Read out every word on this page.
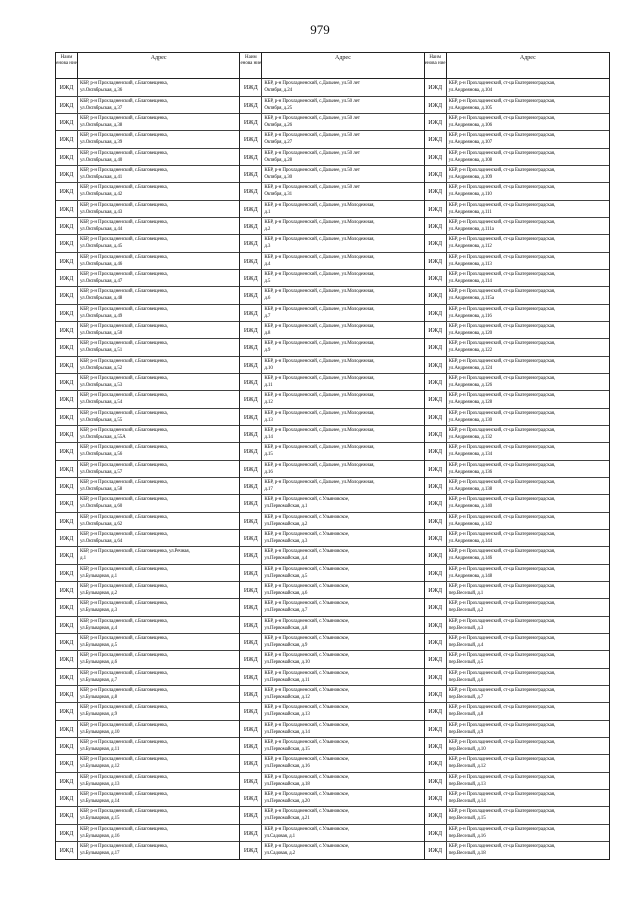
979
Наим енова ние
Адрес
ИЖД
КБР, р-н Прохладненский, с.Благовещенка,
ул.Октябрьская, д.36
ИЖД
КБР, р-н Прохладненский, с.Благовещенка,
ул.Октябрьская, д.37
ИЖД
КБР, р-н Прохладненский, с.Благовещенка,
ул.Октябрьская, д.38
ИЖД
КБР, р-н Прохладненский, с.Благовещенка,
ул.Октябрьская, д.39
ИЖД
КБР, р-н Прохладненский, с.Благовещенка,
ул.Октябрьская, д.40
ИЖД
КБР, р-н Прохладненский, с.Благовещенка,
ул.Октябрьская, д.41
ИЖД
КБР, р-н Прохладненский, с.Благовещенка,
ул.Октябрьская, д.42
ИЖД
КБР, р-н Прохладненский, с.Благовещенка,
ул.Октябрьская, д.43
ИЖД
КБР, р-н Прохладненский, с.Благовещенка,
ул.Октябрьская, д.44
ИЖД
КБР, р-н Прохладненский, с.Благовещенка,
ул.Октябрьская, д.45
ИЖД
КБР, р-н Прохладненский, с.Благовещенка,
ул.Октябрьская, д.46
ИЖД
КБР, р-н Прохладненский, с.Благовещенка,
ул.Октябрьская, д.47
ИЖД
КБР, р-н Прохладненский, с.Благовещенка,
ул.Октябрьская, д.48
ИЖД
КБР, р-н Прохладненский, с.Благовещенка,
ул.Октябрьская, д.49
ИЖД
КБР, р-н Прохладненский, с.Благовещенка,
ул.Октябрьская, д.50
ИЖД
КБР, р-н Прохладненский, с.Благовещенка,
ул.Октябрьская, д.51
ИЖД
КБР, р-н Прохладненский, с.Благовещенка,
ул.Октябрьская, д.52
ИЖД
КБР, р-н Прохладненский, с.Благовещенка,
ул.Октябрьская, д.53
ИЖД
КБР, р-н Прохладненский, с.Благовещенка,
ул.Октябрьская, д.54
ИЖД
КБР, р-н Прохладненский, с.Благовещенка,
ул.Октябрьская, д.55
ИЖД
КБР, р-н Прохладненский, с.Благовещенка,
ул.Октябрьская, д.55А
ИЖД
КБР, р-н Прохладненский, с.Благовещенка,
ул.Октябрьская, д.56
ИЖД
КБР, р-н Прохладненский, с.Благовещенка,
ул.Октябрьская, д.57
ИЖД
КБР, р-н Прохладненский, с.Благовещенка,
ул.Октябрьская, д.58
ИЖД
КБР, р-н Прохладненский, с.Благовещенка,
ул.Октябрьская, д.60
ИЖД
КБР, р-н Прохладненский, с.Благовещенка,
ул.Октябрьская, д.62
ИЖД
КБР, р-н Прохладненский, с.Благовещенка,
ул.Октябрьская, д.64
ИЖД
КБР, р-н Прохладненский, с.Благовещенка, ул.Речная,
д.1
ИЖД
КБР, р-н Прохладненский, с.Благовещенка,
ул.Бульварная, д.1
ИЖД
КБР, р-н Прохладненский, с.Благовещенка,
ул.Бульварная, д.2
ИЖД
КБР, р-н Прохладненский, с.Благовещенка,
ул.Бульварная, д.3
ИЖД
КБР, р-н Прохладненский, с.Благовещенка,
ул.Бульварная, д.4
ИЖД
КБР, р-н Прохладненский, с.Благовещенка,
ул.Бульварная, д.5
ИЖД
КБР, р-н Прохладненский, с.Благовещенка,
ул.Бульварная, д.6
ИЖД
КБР, р-н Прохладненский, с.Благовещенка,
ул.Бульварная, д.7
ИЖД
КБР, р-н Прохладненский, с.Благовещенка,
ул.Бульварная, д.8
ИЖД
КБР, р-н Прохладненский, с.Благовещенка,
ул.Бульварная, д.9
ИЖД
КБР, р-н Прохладненский, с.Благовещенка,
ул.Бульварная, д.10
ИЖД
КБР, р-н Прохладненский, с.Благовещенка,
ул.Бульварная, д.11
ИЖД
КБР, р-н Прохладненский, с.Благовещенка,
ул.Бульварная, д.12
ИЖД
КБР, р-н Прохладненский, с.Благовещенка,
ул.Бульварная, д.13
ИЖД
КБР, р-н Прохладненский, с.Благовещенка,
ул.Бульварная, д.14
ИЖД
КБР, р-н Прохладненский, с.Благовещенка,
ул.Бульварная, д.15
ИЖД
КБР, р-н Прохладненский, с.Благовещенка,
ул.Бульварная, д.16
ИЖД
КБР, р-н Прохладненский, с.Благовещенка,
ул.Бульварная, д.17
Наим енова ние
Адрес
ИЖД
КБР, р-н Прохладненский, с.Дальнее, ул.50 лет
Октября, д.24
ИЖД
КБР, р-н Прохладненский, с.Дальнее, ул.50 лет
Октября, д.25
ИЖД
КБР, р-н Прохладненский, с.Дальнее, ул.50 лет
Октября, д.26
ИЖД
КБР, р-н Прохладненский, с.Дальнее, ул.50 лет
Октября, д.27
ИЖД
КБР, р-н Прохладненский, с.Дальнее, ул.50 лет
Октября, д.28
ИЖД
КБР, р-н Прохладненский, с.Дальнее, ул.50 лет
Октября, д.30
ИЖД
КБР, р-н Прохладненский, с.Дальнее, ул.50 лет
Октября, д.31
ИЖД
КБР, р-н Прохладненский, с.Дальнее, ул.Молодежная,
д.1
ИЖД
КБР, р-н Прохладненский, с.Дальнее, ул.Молодежная,
д.2
ИЖД
КБР, р-н Прохладненский, с.Дальнее, ул.Молодежная,
д.3
ИЖД
КБР, р-н Прохладненский, с.Дальнее, ул.Молодежная,
д.4
ИЖД
КБР, р-н Прохладненский, с.Дальнее, ул.Молодежная,
д.5
ИЖД
КБР, р-н Прохладненский, с.Дальнее, ул.Молодежная,
д.6
ИЖД
КБР, р-н Прохладненский, с.Дальнее, ул.Молодежная,
д.7
ИЖД
КБР, р-н Прохладненский, с.Дальнее, ул.Молодежная,
д.8
ИЖД
КБР, р-н Прохладненский, с.Дальнее, ул.Молодежная,
д.9
ИЖД
КБР, р-н Прохладненский, с.Дальнее, ул.Молодежная,
д.10
ИЖД
КБР, р-н Прохладненский, с.Дальнее, ул.Молодежная,
д.11
ИЖД
КБР, р-н Прохладненский, с.Дальнее, ул.Молодежная,
д.12
ИЖД
КБР, р-н Прохладненский, с.Дальнее, ул.Молодежная,
д.13
ИЖД
КБР, р-н Прохладненский, с.Дальнее, ул.Молодежная,
д.14
ИЖД
КБР, р-н Прохладненский, с.Дальнее, ул.Молодежная,
д.15
ИЖД
КБР, р-н Прохладненский, с.Дальнее, ул.Молодежная,
д.16
ИЖД
КБР, р-н Прохладненский, с.Дальнее, ул.Молодежная,
д.17
ИЖД
КБР, р-н Прохладненский, с.Ульяновское,
ул.Первомайская, д.1
ИЖД
КБР, р-н Прохладненский, с.Ульяновское,
ул.Первомайская, д.2
ИЖД
КБР, р-н Прохладненский, с.Ульяновское,
ул.Первомайская, д.3
ИЖД
КБР, р-н Прохладненский, с.Ульяновское,
ул.Первомайская, д.4
ИЖД
КБР, р-н Прохладненский, с.Ульяновское,
ул.Первомайская, д.5
ИЖД
КБР, р-н Прохладненский, с.Ульяновское,
ул.Первомайская, д.6
ИЖД
КБР, р-н Прохладненский, с.Ульяновское,
ул.Первомайская, д.7
ИЖД
КБР, р-н Прохладненский, с.Ульяновское,
ул.Первомайская, д.8
ИЖД
КБР, р-н Прохладненский, с.Ульяновское,
ул.Первомайская, д.9
ИЖД
КБР, р-н Прохладненский, с.Ульяновское,
ул.Первомайская, д.10
ИЖД
КБР, р-н Прохладненский, с.Ульяновское,
ул.Первомайская, д.11
ИЖД
КБР, р-н Прохладненский, с.Ульяновское,
ул.Первомайская, д.12
ИЖД
КБР, р-н Прохладненский, с.Ульяновское,
ул.Первомайская, д.13
ИЖД
КБР, р-н Прохладненский, с.Ульяновское,
ул.Первомайская, д.14
ИЖД
КБР, р-н Прохладненский, с.Ульяновское,
ул.Первомайская, д.15
ИЖД
КБР, р-н Прохладненский, с.Ульяновское,
ул.Первомайская, д.16
ИЖД
КБР, р-н Прохладненский, с.Ульяновское,
ул.Первомайская, д.18
ИЖД
КБР, р-н Прохладненский, с.Ульяновское,
ул.Первомайская, д.20
ИЖД
КБР, р-н Прохладненский, с.Ульяновское,
ул.Первомайская, д.21
ИЖД
КБР, р-н Прохладненский, с.Ульяновское,
ул.Садовая, д.1
ИЖД
КБР, р-н Прохладненский, с.Ульяновское,
ул.Садовая, д.2
Наим енова ние
Адрес
ИЖД
КБР, р-н Прохладненский, ст-ца Екатериноградская,
ул.Андреянова, д.104
ИЖД
КБР, р-н Прохладненский, ст-ца Екатериноградская,
ул.Андреянова, д.105
ИЖД
КБР, р-н Прохладненский, ст-ца Екатериноградская,
ул.Андреянова, д.106
ИЖД
КБР, р-н Прохладненский, ст-ца Екатериноградская,
ул.Андреянова, д.107
ИЖД
КБР, р-н Прохладненский, ст-ца Екатериноградская,
ул.Андреянова, д.108
ИЖД
КБР, р-н Прохладненский, ст-ца Екатериноградская,
ул.Андреянова, д.109
ИЖД
КБР, р-н Прохладненский, ст-ца Екатериноградская,
ул.Андреянова, д.110
ИЖД
КБР, р-н Прохладненский, ст-ца Екатериноградская,
ул.Андреянова, д.111
ИЖД
КБР, р-н Прохладненский, ст-ца Екатериноградская,
ул.Андреянова, д.111а
ИЖД
КБР, р-н Прохладненский, ст-ца Екатериноградская,
ул.Андреянова, д.112
ИЖД
КБР, р-н Прохладненский, ст-ца Екатериноградская,
ул.Андреянова, д.113
ИЖД
КБР, р-н Прохладненский, ст-ца Екатериноградская,
ул.Андреянова, д.114
ИЖД
КБР, р-н Прохладненский, ст-ца Екатериноградская,
ул.Андреянова, д.115а
ИЖД
КБР, р-н Прохладненский, ст-ца Екатериноградская,
ул.Андреянова, д.116
ИЖД
КБР, р-н Прохладненский, ст-ца Екатериноградская,
ул.Андреянова, д.120
ИЖД
КБР, р-н Прохладненский, ст-ца Екатериноградская,
ул.Андреянова, д.122
ИЖД
КБР, р-н Прохладненский, ст-ца Екатериноградская,
ул.Андреянова, д.124
ИЖД
КБР, р-н Прохладненский, ст-ца Екатериноградская,
ул.Андреянова, д.126
ИЖД
КБР, р-н Прохладненский, ст-ца Екатериноградская,
ул.Андреянова, д.128
ИЖД
КБР, р-н Прохладненский, ст-ца Екатериноградская,
ул.Андреянова, д.130
ИЖД
КБР, р-н Прохладненский, ст-ца Екатериноградская,
ул.Андреянова, д.132
ИЖД
КБР, р-н Прохладненский, ст-ца Екатериноградская,
ул.Андреянова, д.134
ИЖД
КБР, р-н Прохладненский, ст-ца Екатериноградская,
ул.Андреянова, д.136
ИЖД
КБР, р-н Прохладненский, ст-ца Екатериноградская,
ул.Андреянова, д.138
ИЖД
КБР, р-н Прохладненский, ст-ца Екатериноградская,
ул.Андреянова, д.140
ИЖД
КБР, р-н Прохладненский, ст-ца Екатериноградская,
ул.Андреянова, д.142
ИЖД
КБР, р-н Прохладненский, ст-ца Екатериноградская,
ул.Андреянова, д.144
ИЖД
КБР, р-н Прохладненский, ст-ца Екатериноградская,
ул.Андреянова, д.146
ИЖД
КБР, р-н Прохладненский, ст-ца Екатериноградская,
ул.Андреянова, д.148
ИЖД
КБР, р-н Прохладненский, ст-ца Екатериноградская,
пер.Веселый, д.1
ИЖД
КБР, р-н Прохладненский, ст-ца Екатериноградская,
пер.Веселый, д.2
ИЖД
КБР, р-н Прохладненский, ст-ца Екатериноградская,
пер.Веселый, д.3
ИЖД
КБР, р-н Прохладненский, ст-ца Екатериноградская,
пер.Веселый, д.4
ИЖД
КБР, р-н Прохладненский, ст-ца Екатериноградская,
пер.Веселый, д.5
ИЖД
КБР, р-н Прохладненский, ст-ца Екатериноградская,
пер.Веселый, д.6
ИЖД
КБР, р-н Прохладненский, ст-ца Екатериноградская,
пер.Веселый, д.7
ИЖД
КБР, р-н Прохладненский, ст-ца Екатериноградская,
пер.Веселый, д.8
ИЖД
КБР, р-н Прохладненский, ст-ца Екатериноградская,
пер.Веселый, д.9
ИЖД
КБР, р-н Прохладненский, ст-ца Екатериноградская,
пер.Веселый, д.10
ИЖД
КБР, р-н Прохладненский, ст-ца Екатериноградская,
пер.Веселый, д.12
ИЖД
КБР, р-н Прохладненский, ст-ца Екатериноградская,
пер.Веселый, д.13
ИЖД
КБР, р-н Прохладненский, ст-ца Екатериноградская,
пер.Веселый, д.14
ИЖД
КБР, р-н Прохладненский, ст-ца Екатериноградская,
пер.Веселый, д.15
ИЖД
КБР, р-н Прохладненский, ст-ца Екатериноградская,
пер.Веселый, д.16
ИЖД
КБР, р-н Прохладненский, ст-ца Екатериноградская,
пер.Веселый, д.18
